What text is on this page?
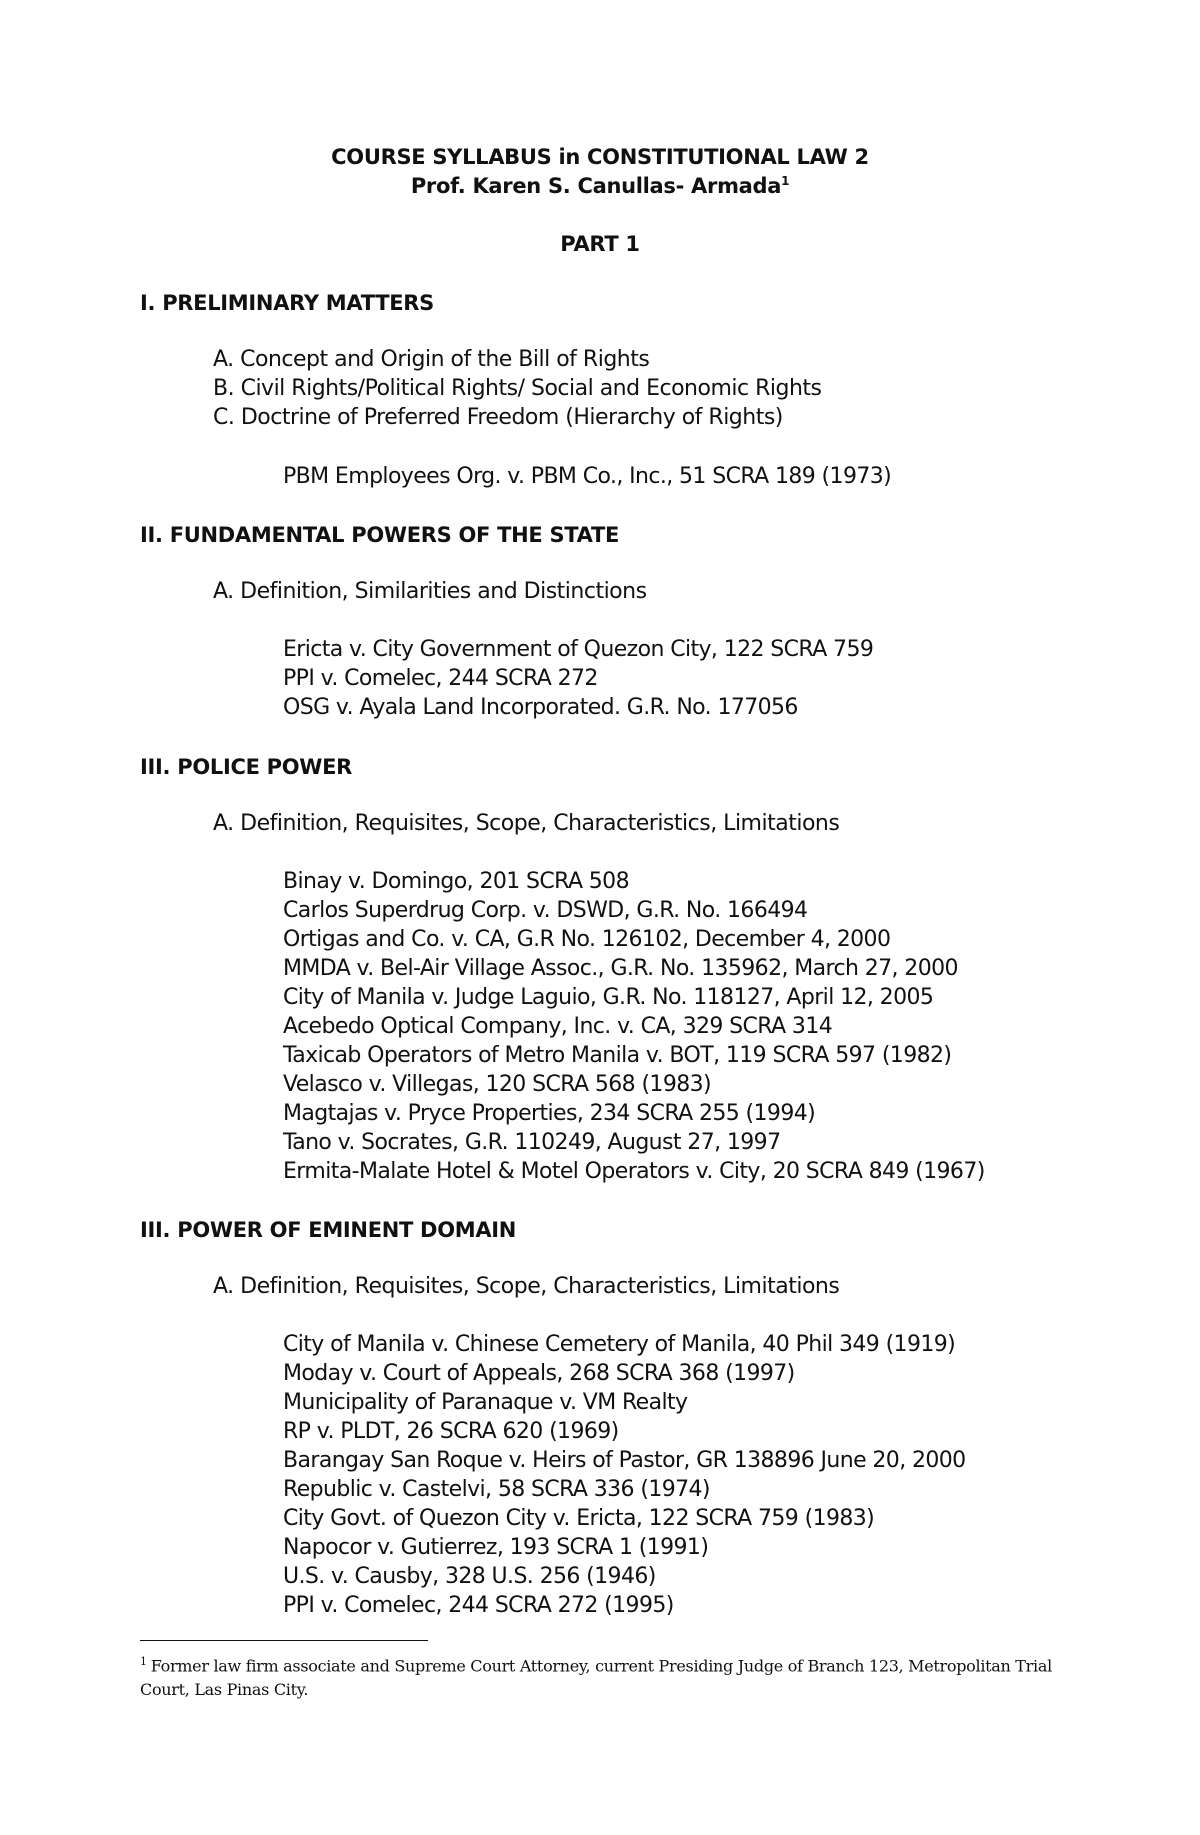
COURSE SYLLABUS in CONSTITUTIONAL LAW 2
Prof. Karen S. Canullas- Armada$^1$
PART 1
I. PRELIMINARY MATTERS
A. Concept and Origin of the Bill of Rights
B. Civil Rights/Political Rights/ Social and Economic Rights
C. Doctrine of Preferred Freedom (Hierarchy of Rights)
PBM Employees Org. v. PBM Co., Inc., 51 SCRA 189 (1973)
II. FUNDAMENTAL POWERS OF THE STATE
A. Definition, Similarities and Distinctions
Ericta v. City Government of Quezon City, 122 SCRA 759
PPI v. Comelec, 244 SCRA 272
OSG v. Ayala Land Incorporated. G.R. No. 177056
III. POLICE POWER
A. Definition, Requisites, Scope, Characteristics, Limitations
Binay v. Domingo, 201 SCRA 508
Carlos Superdrug Corp. v. DSWD, G.R. No. 166494
Ortigas and Co. v. CA, G.R No. 126102, December 4, 2000
MMDA v. Bel-Air Village Assoc., G.R. No. 135962, March 27, 2000
City of Manila v. Judge Laguio, G.R. No. 118127, April 12, 2005
Acebedo Optical Company, Inc. v. CA, 329 SCRA 314
Taxicab Operators of Metro Manila v. BOT, 119 SCRA 597 (1982)
Velasco v. Villegas, 120 SCRA 568 (1983)
Magtajas v. Pryce Properties, 234 SCRA 255 (1994)
Tano v. Socrates, G.R. 110249, August 27, 1997
Ermita-Malate Hotel & Motel Operators v. City, 20 SCRA 849 (1967)
III. POWER OF EMINENT DOMAIN
A. Definition, Requisites, Scope, Characteristics, Limitations
City of Manila v. Chinese Cemetery of Manila, 40 Phil 349 (1919)
Moday v. Court of Appeals, 268 SCRA 368 (1997)
Municipality of Paranaque v. VM Realty
RP v. PLDT, 26 SCRA 620 (1969)
Barangay San Roque v. Heirs of Pastor, GR 138896 June 20, 2000
Republic v. Castelvi, 58 SCRA 336 (1974)
City Govt. of Quezon City v. Ericta, 122 SCRA 759 (1983)
Napocor v. Gutierrez, 193 SCRA 1 (1991)
U.S. v. Causby, 328 U.S. 256 (1946)
PPI v. Comelec, 244 SCRA 272 (1995)
$^1$ Former law firm associate and Supreme Court Attorney, current Presiding Judge of Branch 123, Metropolitan Trial Court, Las Pinas City.
